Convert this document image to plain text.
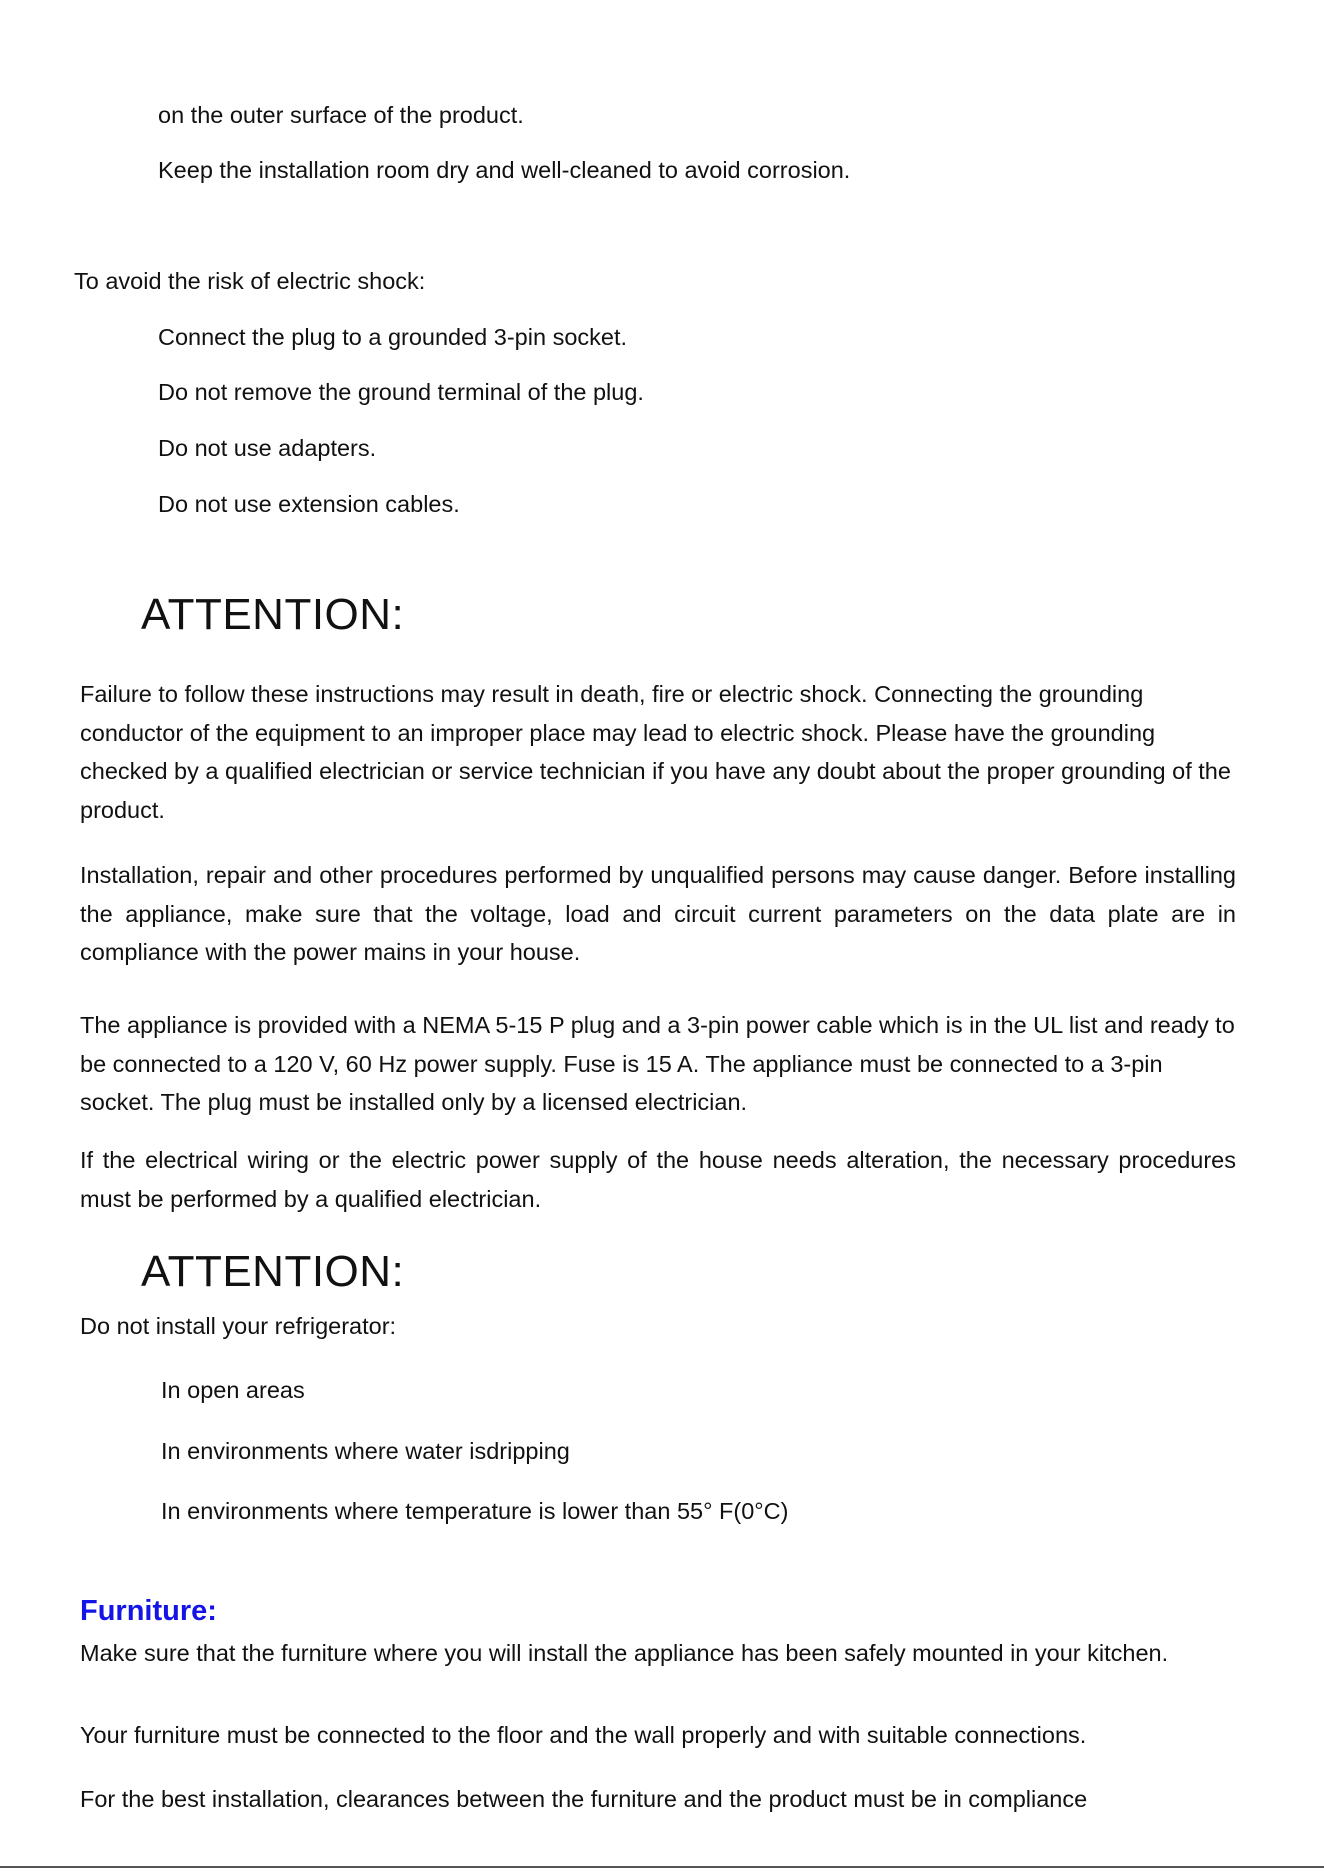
on the outer surface of the product.
Keep the installation room dry and well-cleaned to avoid corrosion.
To avoid the risk of electric shock:
Connect the plug to a grounded 3-pin socket.
Do not remove the ground terminal of the plug.
Do not use adapters.
Do not use extension cables.
ATTENTION:
Failure to follow these instructions may result in death, fire or electric shock. Connecting the grounding conductor of the equipment to an improper place may lead to electric shock. Please have the grounding checked by a qualified electrician or service technician if you have any doubt about the proper grounding of the product.
Installation, repair and other procedures performed by unqualified persons may cause danger. Before installing the appliance, make sure that the voltage, load and circuit current parameters on the data plate are in compliance with the power mains in your house.
The appliance is provided with a NEMA 5-15 P plug and a 3-pin power cable which is in the UL list and ready to be connected to a 120 V, 60 Hz power supply. Fuse is 15 A. The appliance must be connected to a 3-pin socket. The plug must be installed only by a licensed electrician.
If the electrical wiring or the electric power supply of the house needs alteration, the necessary procedures must be performed by a qualified electrician.
ATTENTION:
Do not install your refrigerator:
In open areas
In environments where water isdripping
In environments where temperature is lower than 55° F(0°C)
Furniture:
Make sure that the furniture where you will install the appliance has been safely mounted in your kitchen.
Your furniture must be connected to the floor and the wall properly and with suitable connections.
For the best installation, clearances between the furniture and the product must be in compliance
